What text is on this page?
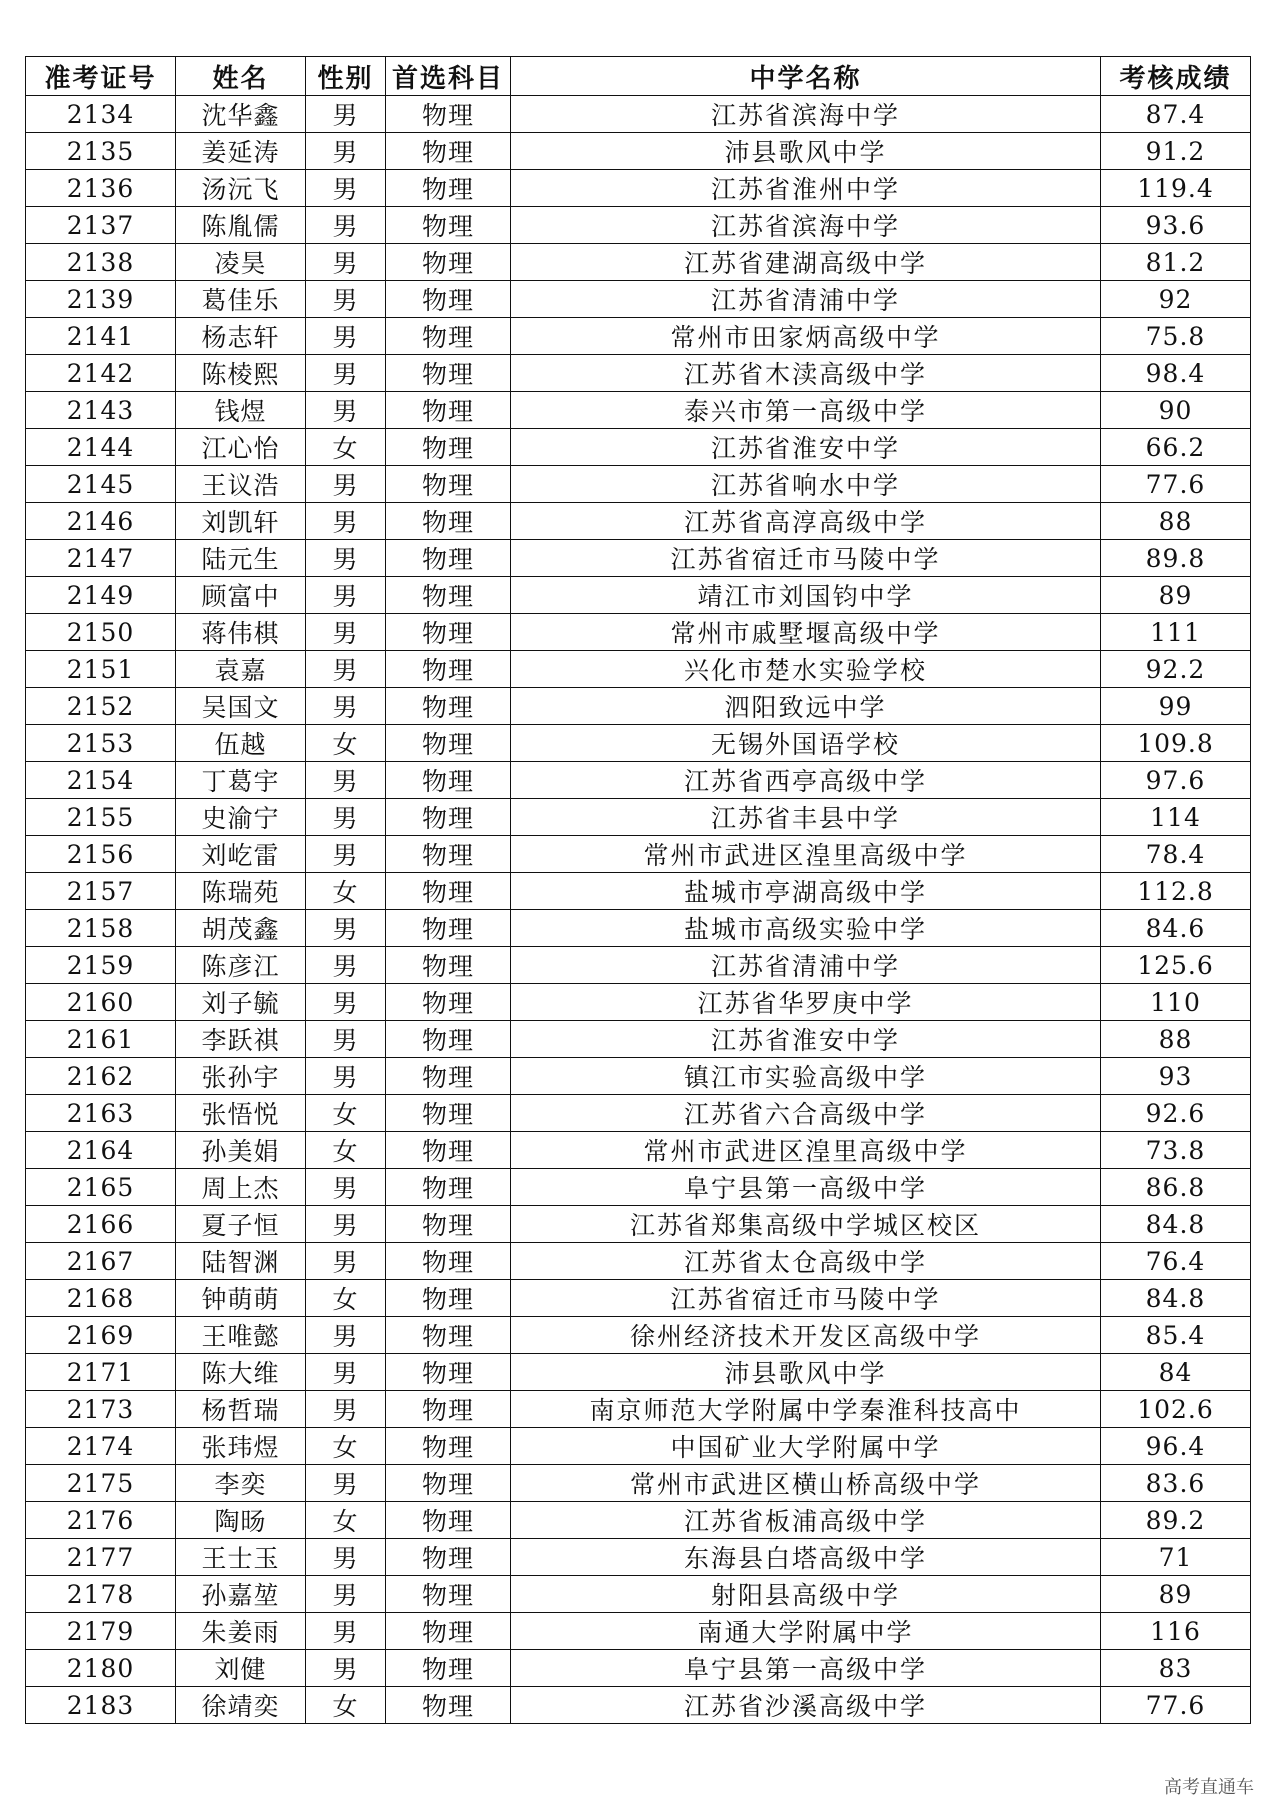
准考证号	姓名	性别	首选科目	中学名称	考核成绩
2134	沈华鑫	男	物理	江苏省滨海中学	87.4
2135	姜延涛	男	物理	沛县歌风中学	91.2
2136	汤沅飞	男	物理	江苏省淮州中学	119.4
2137	陈胤儒	男	物理	江苏省滨海中学	93.6
2138	凌昊	男	物理	江苏省建湖高级中学	81.2
2139	葛佳乐	男	物理	江苏省清浦中学	92
2141	杨志轩	男	物理	常州市田家炳高级中学	75.8
2142	陈棱熙	男	物理	江苏省木渎高级中学	98.4
2143	钱煜	男	物理	泰兴市第一高级中学	90
2144	江心怡	女	物理	江苏省淮安中学	66.2
2145	王议浩	男	物理	江苏省响水中学	77.6
2146	刘凯轩	男	物理	江苏省高淳高级中学	88
2147	陆元生	男	物理	江苏省宿迁市马陵中学	89.8
2149	顾富中	男	物理	靖江市刘国钧中学	89
2150	蒋伟棋	男	物理	常州市戚墅堰高级中学	111
2151	袁嘉	男	物理	兴化市楚水实验学校	92.2
2152	吴国文	男	物理	泗阳致远中学	99
2153	伍越	女	物理	无锡外国语学校	109.8
2154	丁葛宇	男	物理	江苏省西亭高级中学	97.6
2155	史渝宁	男	物理	江苏省丰县中学	114
2156	刘屹雷	男	物理	常州市武进区湟里高级中学	78.4
2157	陈瑞苑	女	物理	盐城市亭湖高级中学	112.8
2158	胡茂鑫	男	物理	盐城市高级实验中学	84.6
2159	陈彦江	男	物理	江苏省清浦中学	125.6
2160	刘子毓	男	物理	江苏省华罗庚中学	110
2161	李跃祺	男	物理	江苏省淮安中学	88
2162	张孙宇	男	物理	镇江市实验高级中学	93
2163	张悟悦	女	物理	江苏省六合高级中学	92.6
2164	孙美娟	女	物理	常州市武进区湟里高级中学	73.8
2165	周上杰	男	物理	阜宁县第一高级中学	86.8
2166	夏子恒	男	物理	江苏省郑集高级中学城区校区	84.8
2167	陆智渊	男	物理	江苏省太仓高级中学	76.4
2168	钟萌萌	女	物理	江苏省宿迁市马陵中学	84.8
2169	王唯懿	男	物理	徐州经济技术开发区高级中学	85.4
2171	陈大维	男	物理	沛县歌风中学	84
2173	杨哲瑞	男	物理	南京师范大学附属中学秦淮科技高中	102.6
2174	张玮煜	女	物理	中国矿业大学附属中学	96.4
2175	李奕	男	物理	常州市武进区横山桥高级中学	83.6
2176	陶旸	女	物理	江苏省板浦高级中学	89.2
2177	王士玉	男	物理	东海县白塔高级中学	71
2178	孙嘉堃	男	物理	射阳县高级中学	89
2179	朱姜雨	男	物理	南通大学附属中学	116
2180	刘健	男	物理	阜宁县第一高级中学	83
2183	徐靖奕	女	物理	江苏省沙溪高级中学	77.6
高考直通车
